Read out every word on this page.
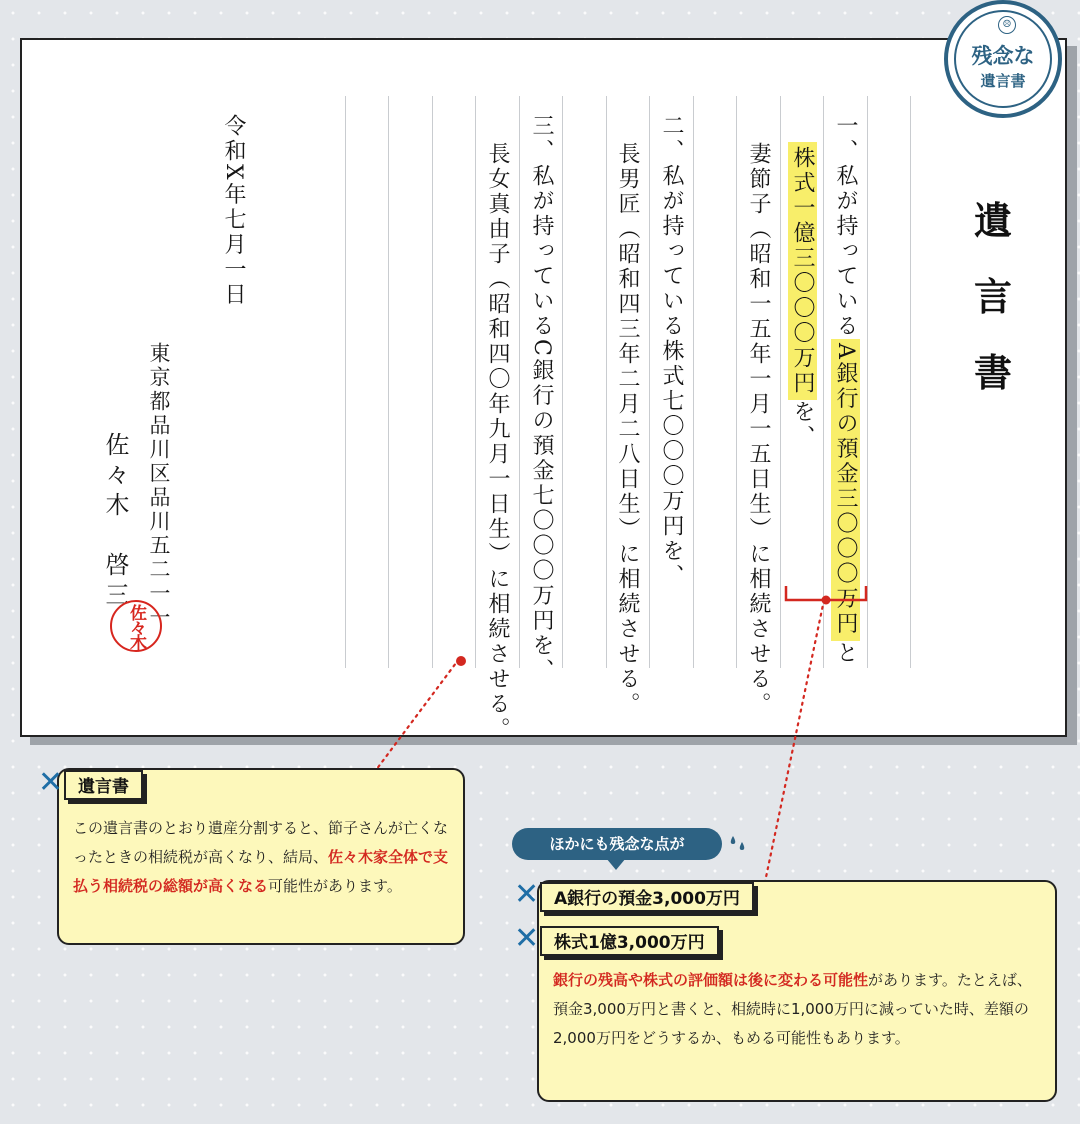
遺
言
書
一、私が持っているA銀行の預金三〇〇〇万円と
株式一億三〇〇〇万円を、
妻節子（昭和一五年一月一五日生）に相続させる。
二、私が持っている株式七〇〇〇万円を、
長男匠（昭和四三年二月二八日生）に相続させる。
三、私が持っているC銀行の預金七〇〇〇万円を、
長女真由子（昭和四〇年九月一日生）に相続させる。
令和X年七月一日
東京都品川区品川五二一一
佐々木　啓三
佐々木
☹
残念な
遺言書
この遺言書のとおり遺産分割すると、節子さんが亡くなったときの相続税が高くなり、結局、佐々木家全体で支払う相続税の総額が高くなる可能性があります。
遺言書
✕
ほかにも残念な点が
銀行の残高や株式の評価額は後に変わる可能性があります。たとえば、預金3,000万円と書くと、相続時に1,000万円に減っていた時、差額の2,000万円をどうするか、もめる可能性もあります。
A銀行の預金3,000万円
✕
株式1億3,000万円
✕
